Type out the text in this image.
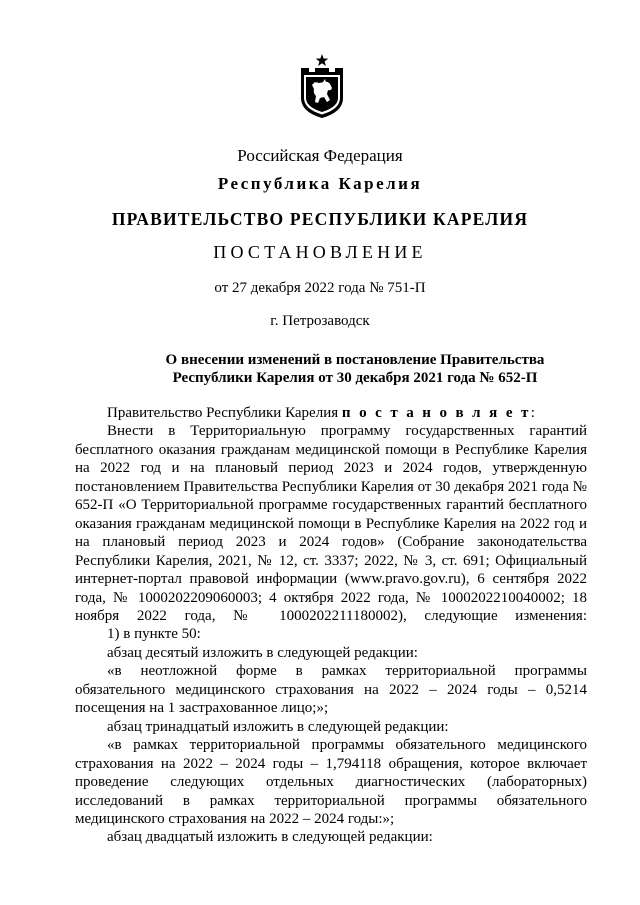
Российская Федерация
Республика Карелия
ПРАВИТЕЛЬСТВО РЕСПУБЛИКИ КАРЕЛИЯ
ПОСТАНОВЛЕНИЕ
от 27 декабря 2022 года № 751-П
г. Петрозаводск
О внесении изменений в постановление Правительства
Республики Карелия от 30 декабря 2021 года № 652-П

Правительство Республики Карелия п о с т а н о в л я е т:

Внести в Территориальную программу государственных гарантий бесплатного оказания гражданам медицинской помощи в Республике Карелия на 2022 год и на плановый период 2023 и 2024 годов, утвержденную постановлением Правительства Республики Карелия от 30 декабря 2021 года № 652-П «О Территориальной программе государственных гарантий бесплатного оказания гражданам медицинской помощи в Республике Карелия на 2022 год и на плановый период 2023 и 2024 годов» (Собрание законодательства Республики Карелия, 2021, № 12, ст. 3337; 2022, № 3, ст. 691; Официальный интернет-портал правовой информации (www.pravo.gov.ru), 6 сентября 2022 года, № 1000202209060003; 4 октября 2022 года, № 1000202210040002; 18 ноября 2022 года, № 1000202211180002), следующие изменения:

1) в пункте 50:

абзац десятый изложить в следующей редакции:

«в неотложной форме в рамках территориальной программы обязательного медицинского страхования на 2022 – 2024 годы – 0,5214 посещения на 1 застрахованное лицо;»;

абзац тринадцатый изложить в следующей редакции:

«в рамках территориальной программы обязательного медицинского страхования на 2022 – 2024 годы – 1,794118 обращения, которое включает проведение следующих отдельных диагностических (лабораторных) исследований в рамках территориальной программы обязательного медицинского страхования на 2022 – 2024 годы:»;

абзац двадцатый изложить в следующей редакции:
